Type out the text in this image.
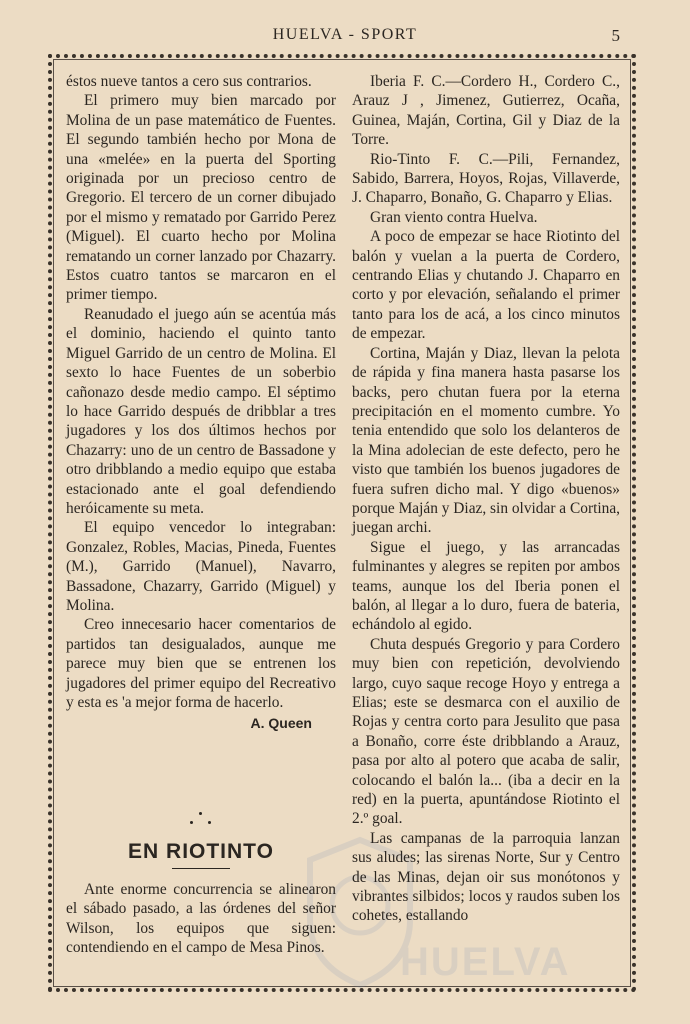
HUELVA - SPORT	5
HUELVA

éstos nueve tantos a cero sus contrarios.

El primero muy bien marcado por Molina de un pase matemático de Fuentes. El segundo también hecho por Mona de una «melée» en la puerta del Sporting originada por un precioso centro de Gregorio. El tercero de un corner dibujado por el mismo y rematado por Garrido Perez (Miguel). El cuarto hecho por Molina rematando un corner lanzado por Chazarry. Estos cuatro tantos se marcaron en el primer tiempo.

Reanudado el juego aún se acentúa más el dominio, haciendo el quinto tanto Miguel Garrido de un centro de Molina. El sexto lo hace Fuentes de un soberbio cañonazo desde medio campo. El séptimo lo hace Garrido después de dribblar a tres jugadores y los dos últimos hechos por Chazarry: uno de un centro de Bassadone y otro dribblando a medio equipo que estaba estacionado ante el goal defendiendo heróicamente su meta.

El equipo vencedor lo integraban: Gonzalez, Robles, Macias, Pineda, Fuentes (M.), Garrido (Manuel), Navarro, Bassadone, Chazarry, Garrido (Miguel) y Molina.

Creo innecesario hacer comentarios de partidos tan desigualados, aunque me parece muy bien que se entrenen los jugadores del primer equipo del Recreativo y esta es 'a mejor forma de hacerlo.

A. Queen
EN RIOTINTO

Ante enorme concurrencia se alinearon el sábado pasado, a las órdenes del señor Wilson, los equipos que siguen: contendiendo en el campo de Mesa Pinos.

Iberia F. C.—Cordero H., Cordero C., Arauz J , Jimenez, Gutierrez, Ocaña, Guinea, Maján, Cortina, Gil y Diaz de la Torre.

Rio-Tinto F. C.—Pili, Fernandez, Sabido, Barrera, Hoyos, Rojas, Villaverde, J. Chaparro, Bonaño, G. Chaparro y Elias.

Gran viento contra Huelva.

A poco de empezar se hace Riotinto del balón y vuelan a la puerta de Cordero, centrando Elias y chutando J. Chaparro en corto y por elevación, señalando el primer tanto para los de acá, a los cinco minutos de empezar.

Cortina, Maján y Diaz, llevan la pelota de rápida y fina manera hasta pasarse los backs, pero chutan fuera por la eterna precipitación en el momento cumbre. Yo tenia entendido que solo los delanteros de la Mina adolecian de este defecto, pero he visto que también los buenos jugadores de fuera sufren dicho mal. Y digo «buenos» porque Maján y Diaz, sin olvidar a Cortina, juegan archi.

Sigue el juego, y las arrancadas fulminantes y alegres se repiten por ambos teams, aunque los del Iberia ponen el balón, al llegar a lo duro, fuera de bateria, echándolo al egido.

Chuta después Gregorio y para Cordero muy bien con repetición, devolviendo largo, cuyo saque recoge Hoyo y entrega a Elias; este se desmarca con el auxilio de Rojas y centra corto para Jesulito que pasa a Bonaño, corre éste dribblando a Arauz, pasa por alto al potero que acaba de salir, colocando el balón la... (iba a decir en la red) en la puerta, apuntándose Riotinto el 2.º goal.

Las campanas de la parroquia lanzan sus aludes; las sirenas Norte, Sur y Centro de las Minas, dejan oir sus monótonos y vibrantes silbidos; locos y raudos suben los cohetes, estallando
